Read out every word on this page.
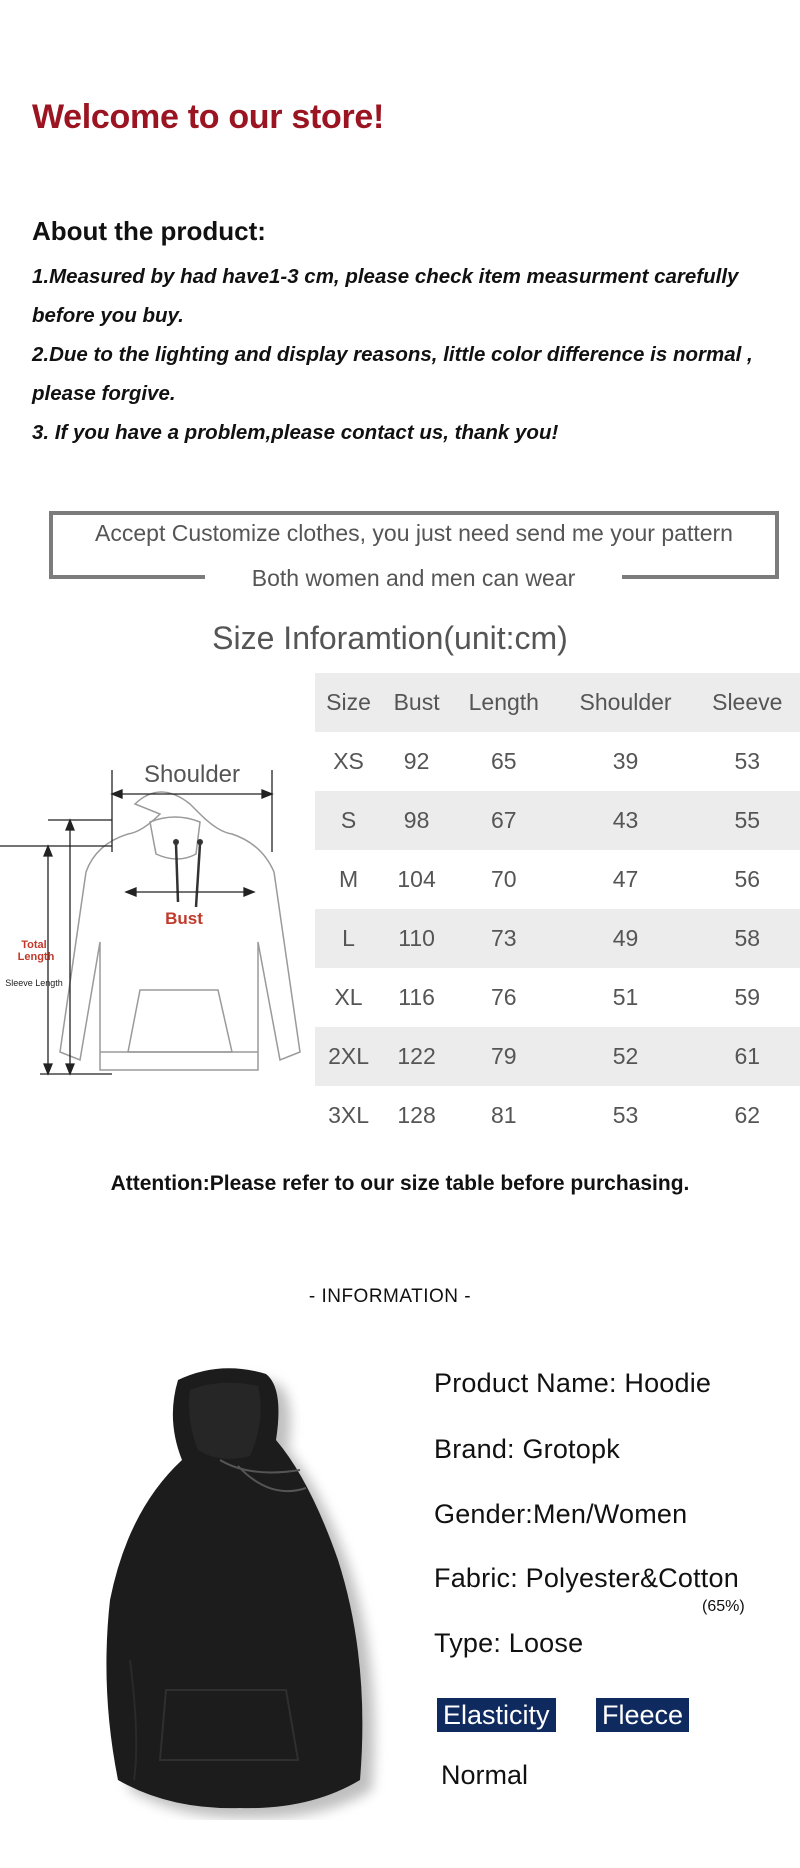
Welcome to our store!
About the product:
1.Measured by had have1-3 cm, please check item measurment carefully before you buy.
2.Due to the lighting and display reasons, little color difference is normal , please forgive.
3. If you have a problem,please contact us, thank you!
Accept Customize clothes, you just need send me your pattern
Both women and men can wear
Size Inforamtion(unit:cm)
Size	Bust	Length	Shoulder	Sleeve
XS	92	65	39	53
S	98	67	43	55
M	104	70	47	56
L	110	73	49	58
XL	116	76	51	59
2XL	122	79	52	61
3XL	128	81	53	62
Shoulder
Bust
Total
Length
Sleeve Length
Attention:Please refer to our size table before purchasing.
- INFORMATION -
Product Name: Hoodie
Brand: Grotopk
Gender:Men/Women
Fabric: Polyester&Cotton
(65%)
Type: Loose
Elasticity Fleece
Normal
